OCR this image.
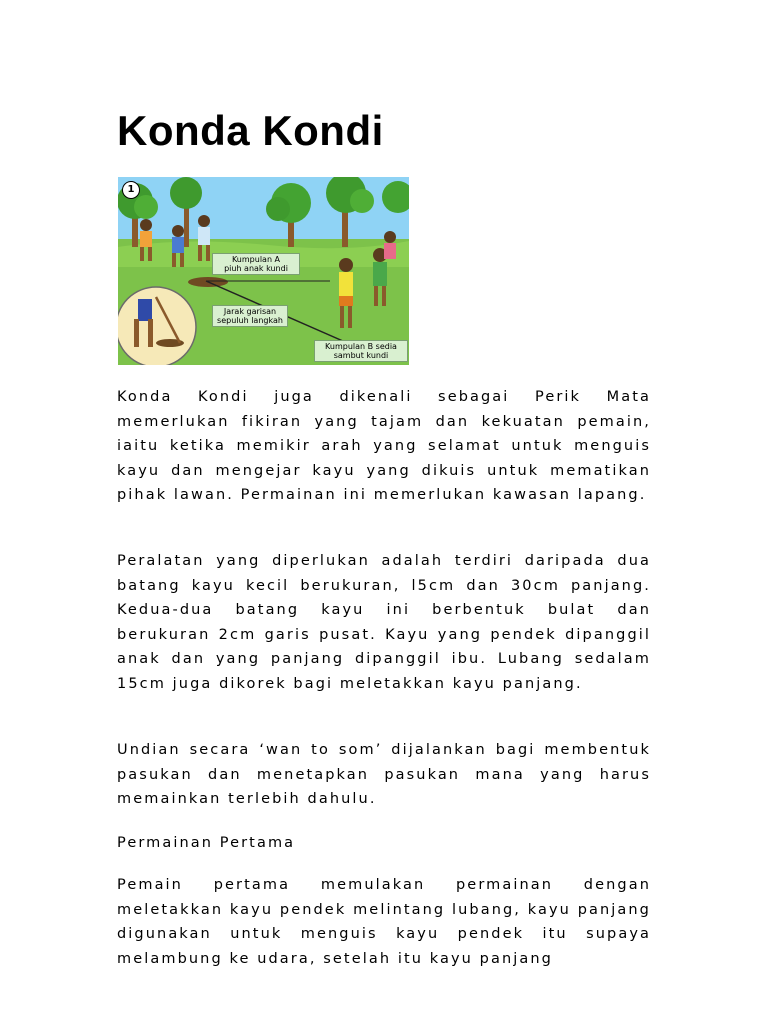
Konda Kondi
1
Kumpulan A
piuh anak kundi
Jarak garisan
sepuluh langkah
Kumpulan B sedia
sambut kundi

Konda Kondi juga dikenali sebagai Perik Mata memerlukan fikiran yang tajam dan kekuatan pemain, iaitu ketika memikir arah yang selamat untuk menguis kayu dan mengejar kayu yang dikuis untuk mematikan pihak lawan. Permainan ini memerlukan kawasan lapang.

Peralatan yang diperlukan adalah terdiri daripada dua batang kayu kecil berukuran, l5cm dan 30cm panjang. Kedua-dua batang kayu ini berbentuk bulat dan berukuran 2cm garis pusat. Kayu yang pendek dipanggil anak dan yang panjang dipanggil ibu. Lubang sedalam 15cm juga dikorek bagi meletakkan kayu panjang.

Undian secara ‘wan to som’ dijalankan bagi membentuk pasukan dan menetapkan pasukan mana yang harus memainkan terlebih dahulu.

Permainan Pertama

Pemain pertama memulakan permainan dengan meletakkan kayu pendek melintang lubang, kayu panjang digunakan untuk menguis kayu pendek itu supaya melambung ke udara, setelah itu kayu panjang
